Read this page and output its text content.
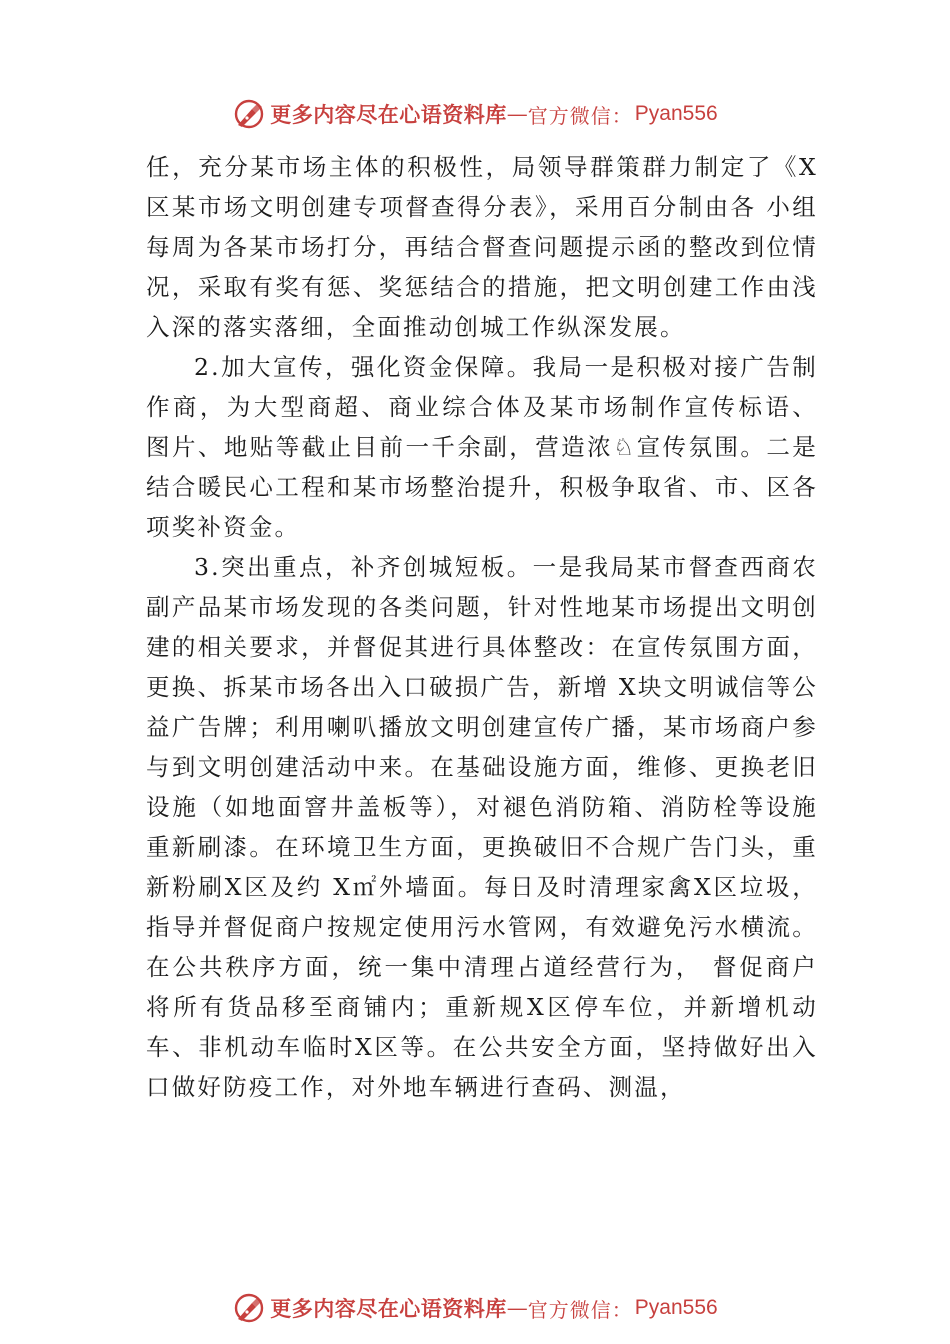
更多内容尽在心语资料库 — 官方微信： Pyan556

任，充分某市场主体的积极性，局领导群策群力制定了《X区某市场文明创建专项督查得分表》，采用百分制由各 小组每周为各某市场打分，再结合督查问题提示函的整改到位情况，采取有奖有惩、奖惩结合的措施，把文明创建工作由浅入深的落实落细，全面推动创城工作纵深发展。

2.加大宣传，强化资金保障。我局一是积极对接广告制作商，为大型商超、商业综合体及某市场制作宣传标语、 图片、地贴等截止目前一千余副，营造浓♘宣传氛围。二是结合暖民心工程和某市场整治提升，积极争取省、市、区各项奖补资金。

3.突出重点，补齐创城短板。一是我局某市督查西商农副产品某市场发现的各类问题，针对性地某市场提出文明创建的相关要求，并督促其进行具体整改：在宣传氛围方面，更换、拆某市场各出入口破损广告，新增 X块文明诚信等公益广告牌；利用喇叭播放文明创建宣传广播，某市场商户参与到文明创建活动中来。在基础设施方面，维修、更换老旧设施（如地面窨井盖板等），对褪色消防箱、消防栓等设施重新刷漆。在环境卫生方面，更换破旧不合规广告门头，重新粉刷X区及约 X㎡外墙面。每日及时清理家禽X区垃圾，指导并督促商户按规定使用污水管网，有效避免污水横流。在公共秩序方面，统一集中清理占道经营行为， 督促商户将所有货品移至商铺内；重新规X区停车位，并新增机动车、非机动车临时X区等。在公共安全方面，坚持做好出入口做好防疫工作，对外地车辆进行查码、测温，

更多内容尽在心语资料库 — 官方微信： Pyan556
